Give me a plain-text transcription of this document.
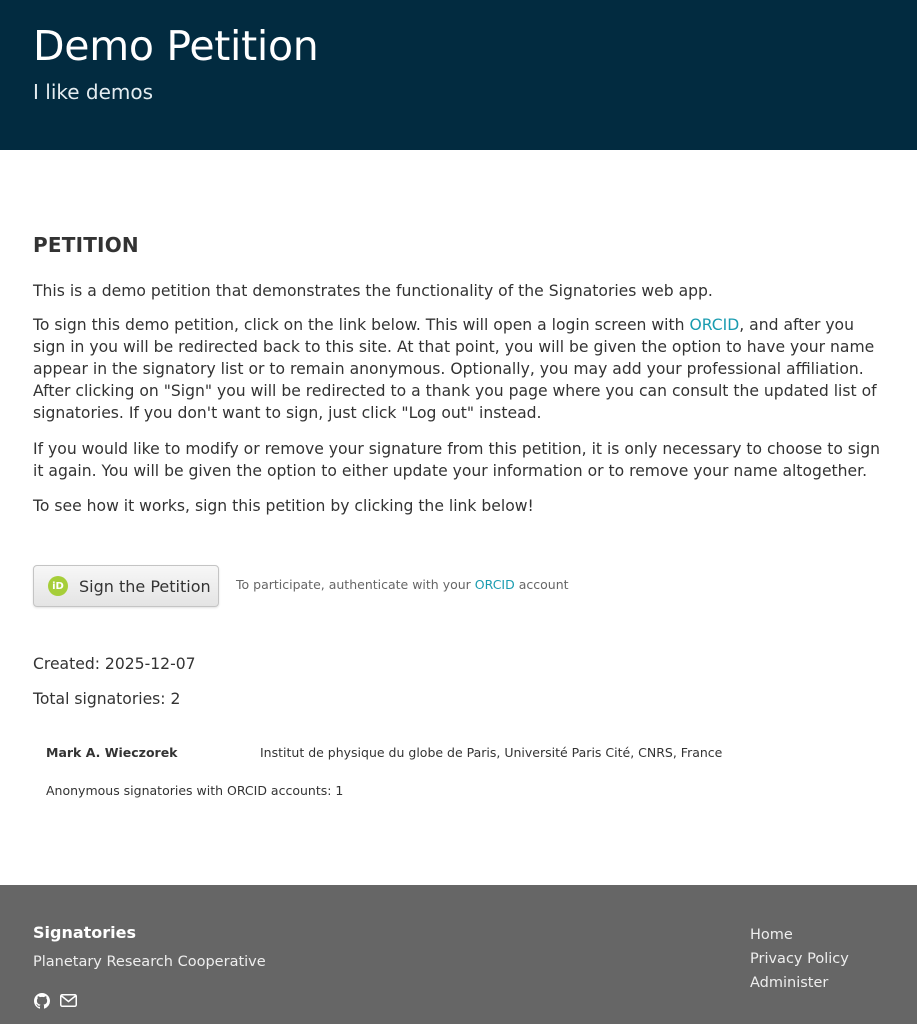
Demo Petition
I like demos
PETITION

This is a demo petition that demonstrates the functionality of the Signatories web app.

To sign this demo petition, click on the link below. This will open a login screen with ORCID, and after you sign in you will be redirected back to this site. At that point, you will be given the option to have your name appear in the signatory list or to remain anonymous. Optionally, you may add your professional affiliation. After clicking on "Sign" you will be redirected to a thank you page where you can consult the updated list of signatories. If you don't want to sign, just click "Log out" instead.

If you would like to modify or remove your signature from this petition, it is only necessary to choose to sign it again. You will be given the option to either update your information or to remove your name altogether.

To see how it works, sign this petition by clicking the link below!

iD Sign the Petition To participate, authenticate with your ORCID account
Created: 2025-12-07
Total signatories: 2
Mark A. Wieczorek	Institut de physique du globe de Paris, Université Paris Cité, CNRS, France
Anonymous signatories with ORCID accounts: 1
Signatories
Planetary Research Cooperative
Home
Privacy Policy
Administer
